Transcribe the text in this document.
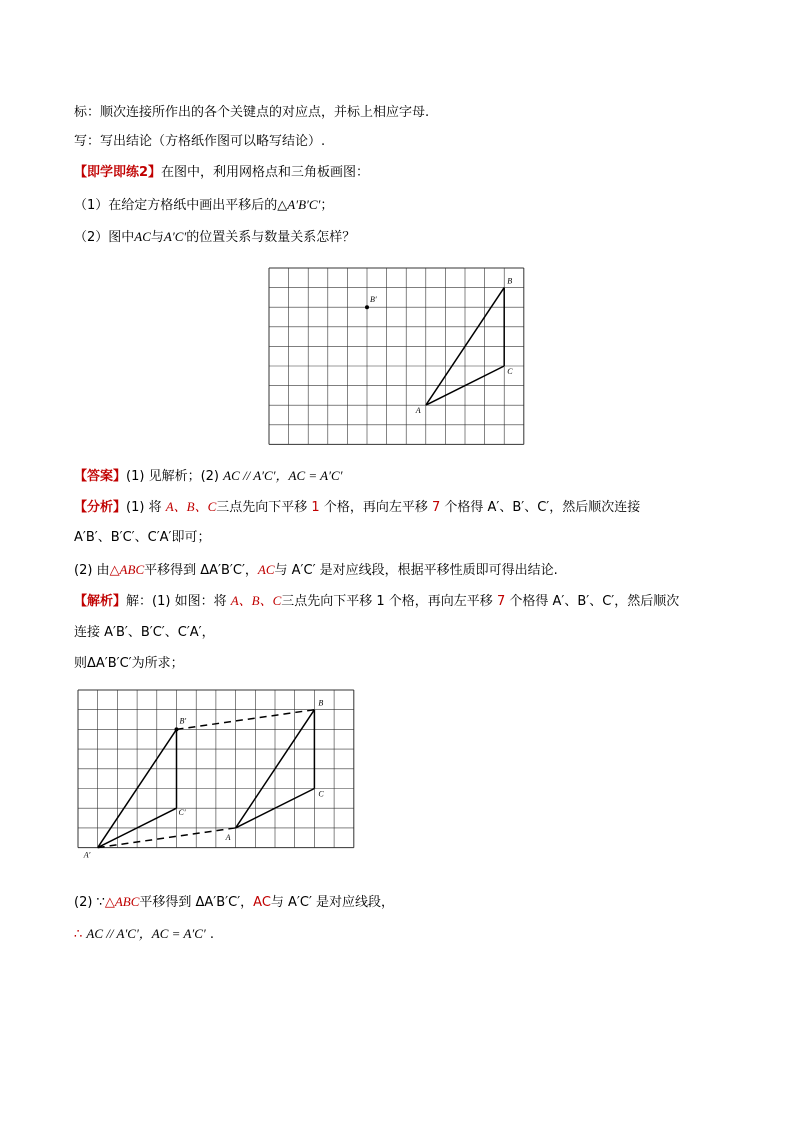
标：顺次连接所作出的各个关键点的对应点，并标上相应字母.
写：写出结论（方格纸作图可以略写结论）.
【即学即练2】在图中，利用网格点和三角板画图：
（1）在给定方格纸中画出平移后的△A′B′C′；
（2）图中AC与A′C′的位置关系与数量关系怎样？
A
B
C
B′
【答案】(1) 见解析；(2) AC // A′C′，AC = A′C′
【分析】(1) 将 A、B、C三点先向下平移 1 个格，再向左平移 7 个格得 A′、B′、C′，然后顺次连接
A′B′、B′C′、C′A′即可；
(2) 由△ABC平移得到 ΔA′B′C′，AC与 A′C′ 是对应线段，根据平移性质即可得出结论.
【解析】解：(1) 如图：将 A、B、C三点先向下平移 1 个格，再向左平移 7 个格得 A′、B′、C′，然后顺次
连接 A′B′、B′C′、C′A′，
则ΔA′B′C′为所求；
A
B
C
A′
B′
C′
(2) ∵△ABC平移得到 ΔA′B′C′，AC与 A′C′ 是对应线段，
∴ AC // A′C′，AC = A′C′ .
